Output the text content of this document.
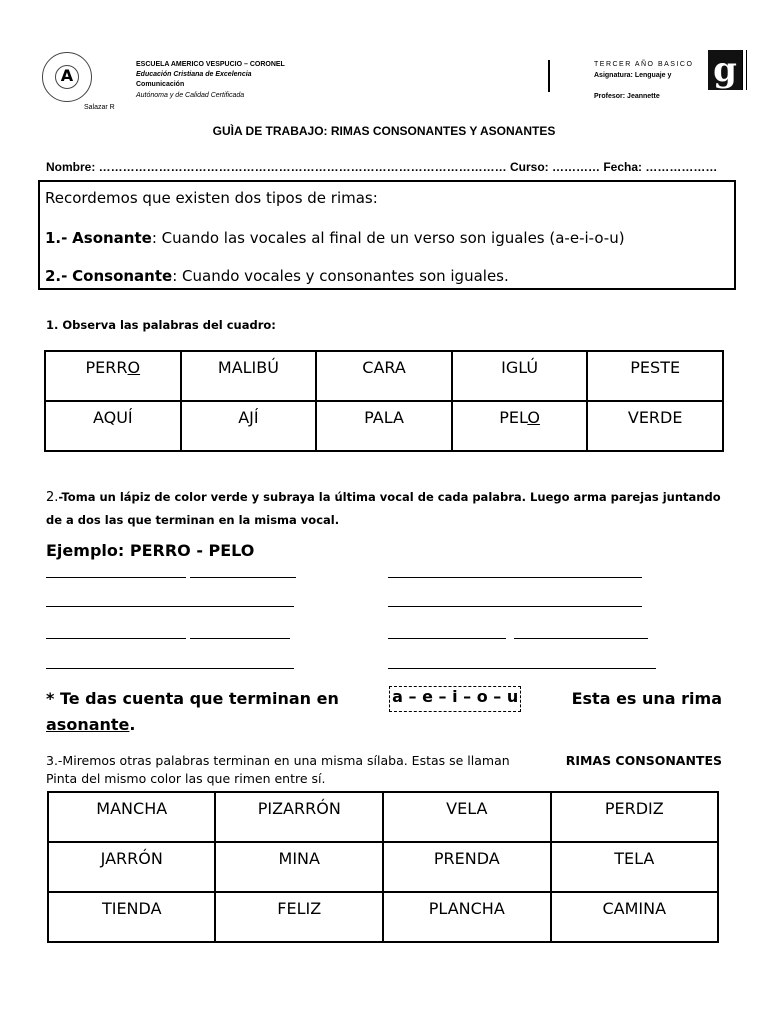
A
ESCUELA AMERICO VESPUCIO – CORONEL
Educación Cristiana de Excelencia
Comunicación
Autónoma y de Calidad Certificada
Salazar R
TERCER AÑO BASICO
Asignatura: Lenguaje y
Profesor: Jeannette
g
GUÌA DE TRABAJO: RIMAS CONSONANTES Y ASONANTES
Nombre: ………………………………………………………………………………………… Curso: ………… Fecha: ………………
Recordemos que existen dos tipos de rimas:
1.- Asonante: Cuando las vocales al final de un verso son iguales (a-e-i-o-u)
2.- Consonante: Cuando vocales y consonantes son iguales.
1. Observa las palabras del cuadro:
PERRO	MALIBÚ	CARA	IGLÚ	PESTE
AQUÍ	AJÍ	PALA	PELO	VERDE
2.-Toma un lápiz de color verde y subraya la última vocal de cada palabra. Luego arma parejas juntando de a dos las que terminan en la misma vocal.
Ejemplo: PERRO - PELO
* Te das cuenta que terminan en	a – e – i – o – u	Esta es una rima
asonante.
3.-Miremos otras palabras terminan en una misma sílaba. Estas se llaman	RIMAS CONSONANTES
Pinta del mismo color las que rimen entre sí.
MANCHA	PIZARRÓN	VELA	PERDIZ
JARRÓN	MINA	PRENDA	TELA
TIENDA	FELIZ	PLANCHA	CAMINA
